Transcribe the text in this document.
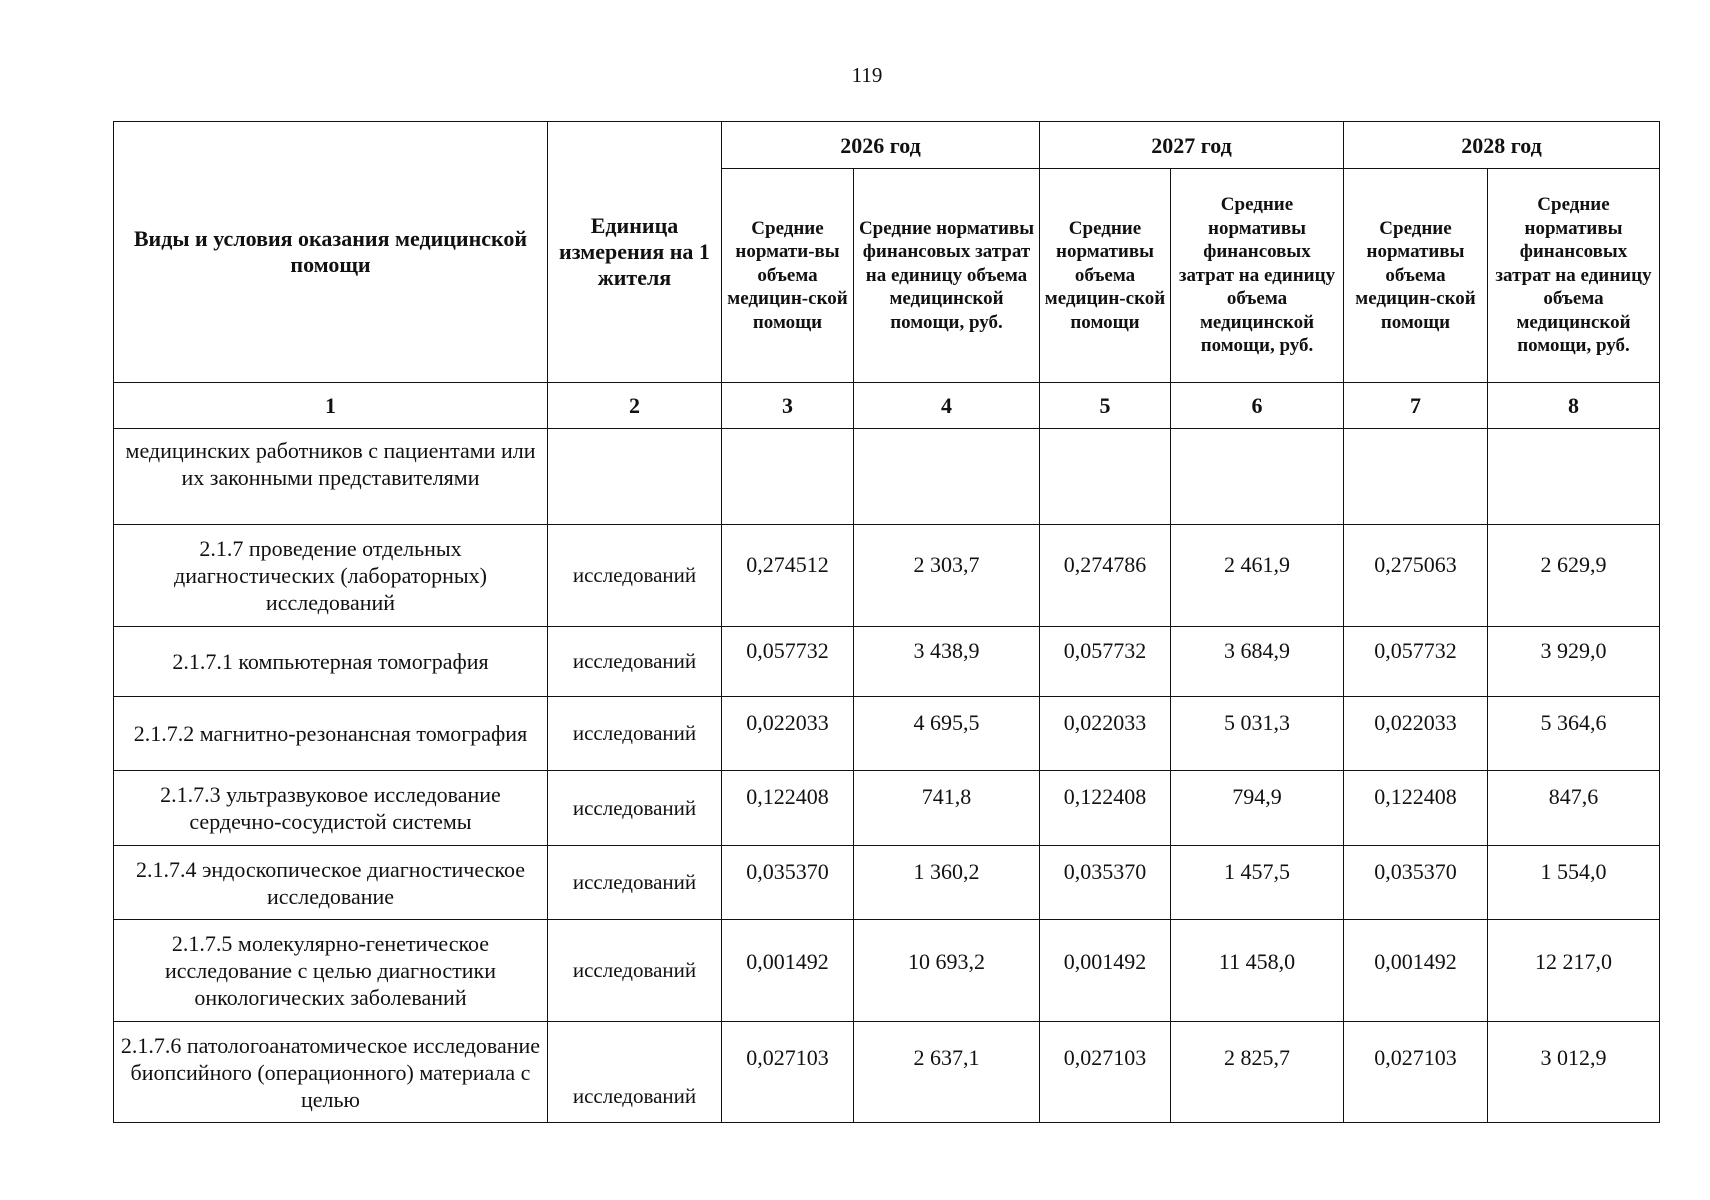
119
Виды и условия оказания медицинской помощи	Единица измерения на 1 жителя	2026 год		2027 год		2028 год	
		Средние нормати-вы объема медицин-ской помощи	Средние нормативы финансовых затрат на единицу объема медицинской помощи, руб.	Средние нормативы объема медицин-ской помощи	Средние нормативы финансовых затрат на единицу объема медицинской помощи, руб.	Средние нормативы объема медицин-ской помощи	Средние нормативы финансовых затрат на единицу объема медицинской помощи, руб.
1	2	3	4	5	6	7	8
медицинских работников с пациентами или их законными представителями							
2.1.7 проведение отдельных диагностических (лабораторных) исследований	исследований	0,274512	2 303,7	0,274786	2 461,9	0,275063	2 629,9
2.1.7.1 компьютерная томография	исследований	0,057732	3 438,9	0,057732	3 684,9	0,057732	3 929,0
2.1.7.2 магнитно-резонансная томография	исследований	0,022033	4 695,5	0,022033	5 031,3	0,022033	5 364,6
2.1.7.3 ультразвуковое исследование сердечно-сосудистой системы	исследований	0,122408	741,8	0,122408	794,9	0,122408	847,6
2.1.7.4 эндоскопическое диагностическое исследование	исследований	0,035370	1 360,2	0,035370	1 457,5	0,035370	1 554,0
2.1.7.5 молекулярно-генетическое исследование с целью диагностики онкологических заболеваний	исследований	0,001492	10 693,2	0,001492	11 458,0	0,001492	12 217,0
2.1.7.6 патологоанатомическое исследование биопсийного (операционного) материала с целью	исследований	0,027103	2 637,1	0,027103	2 825,7	0,027103	3 012,9
